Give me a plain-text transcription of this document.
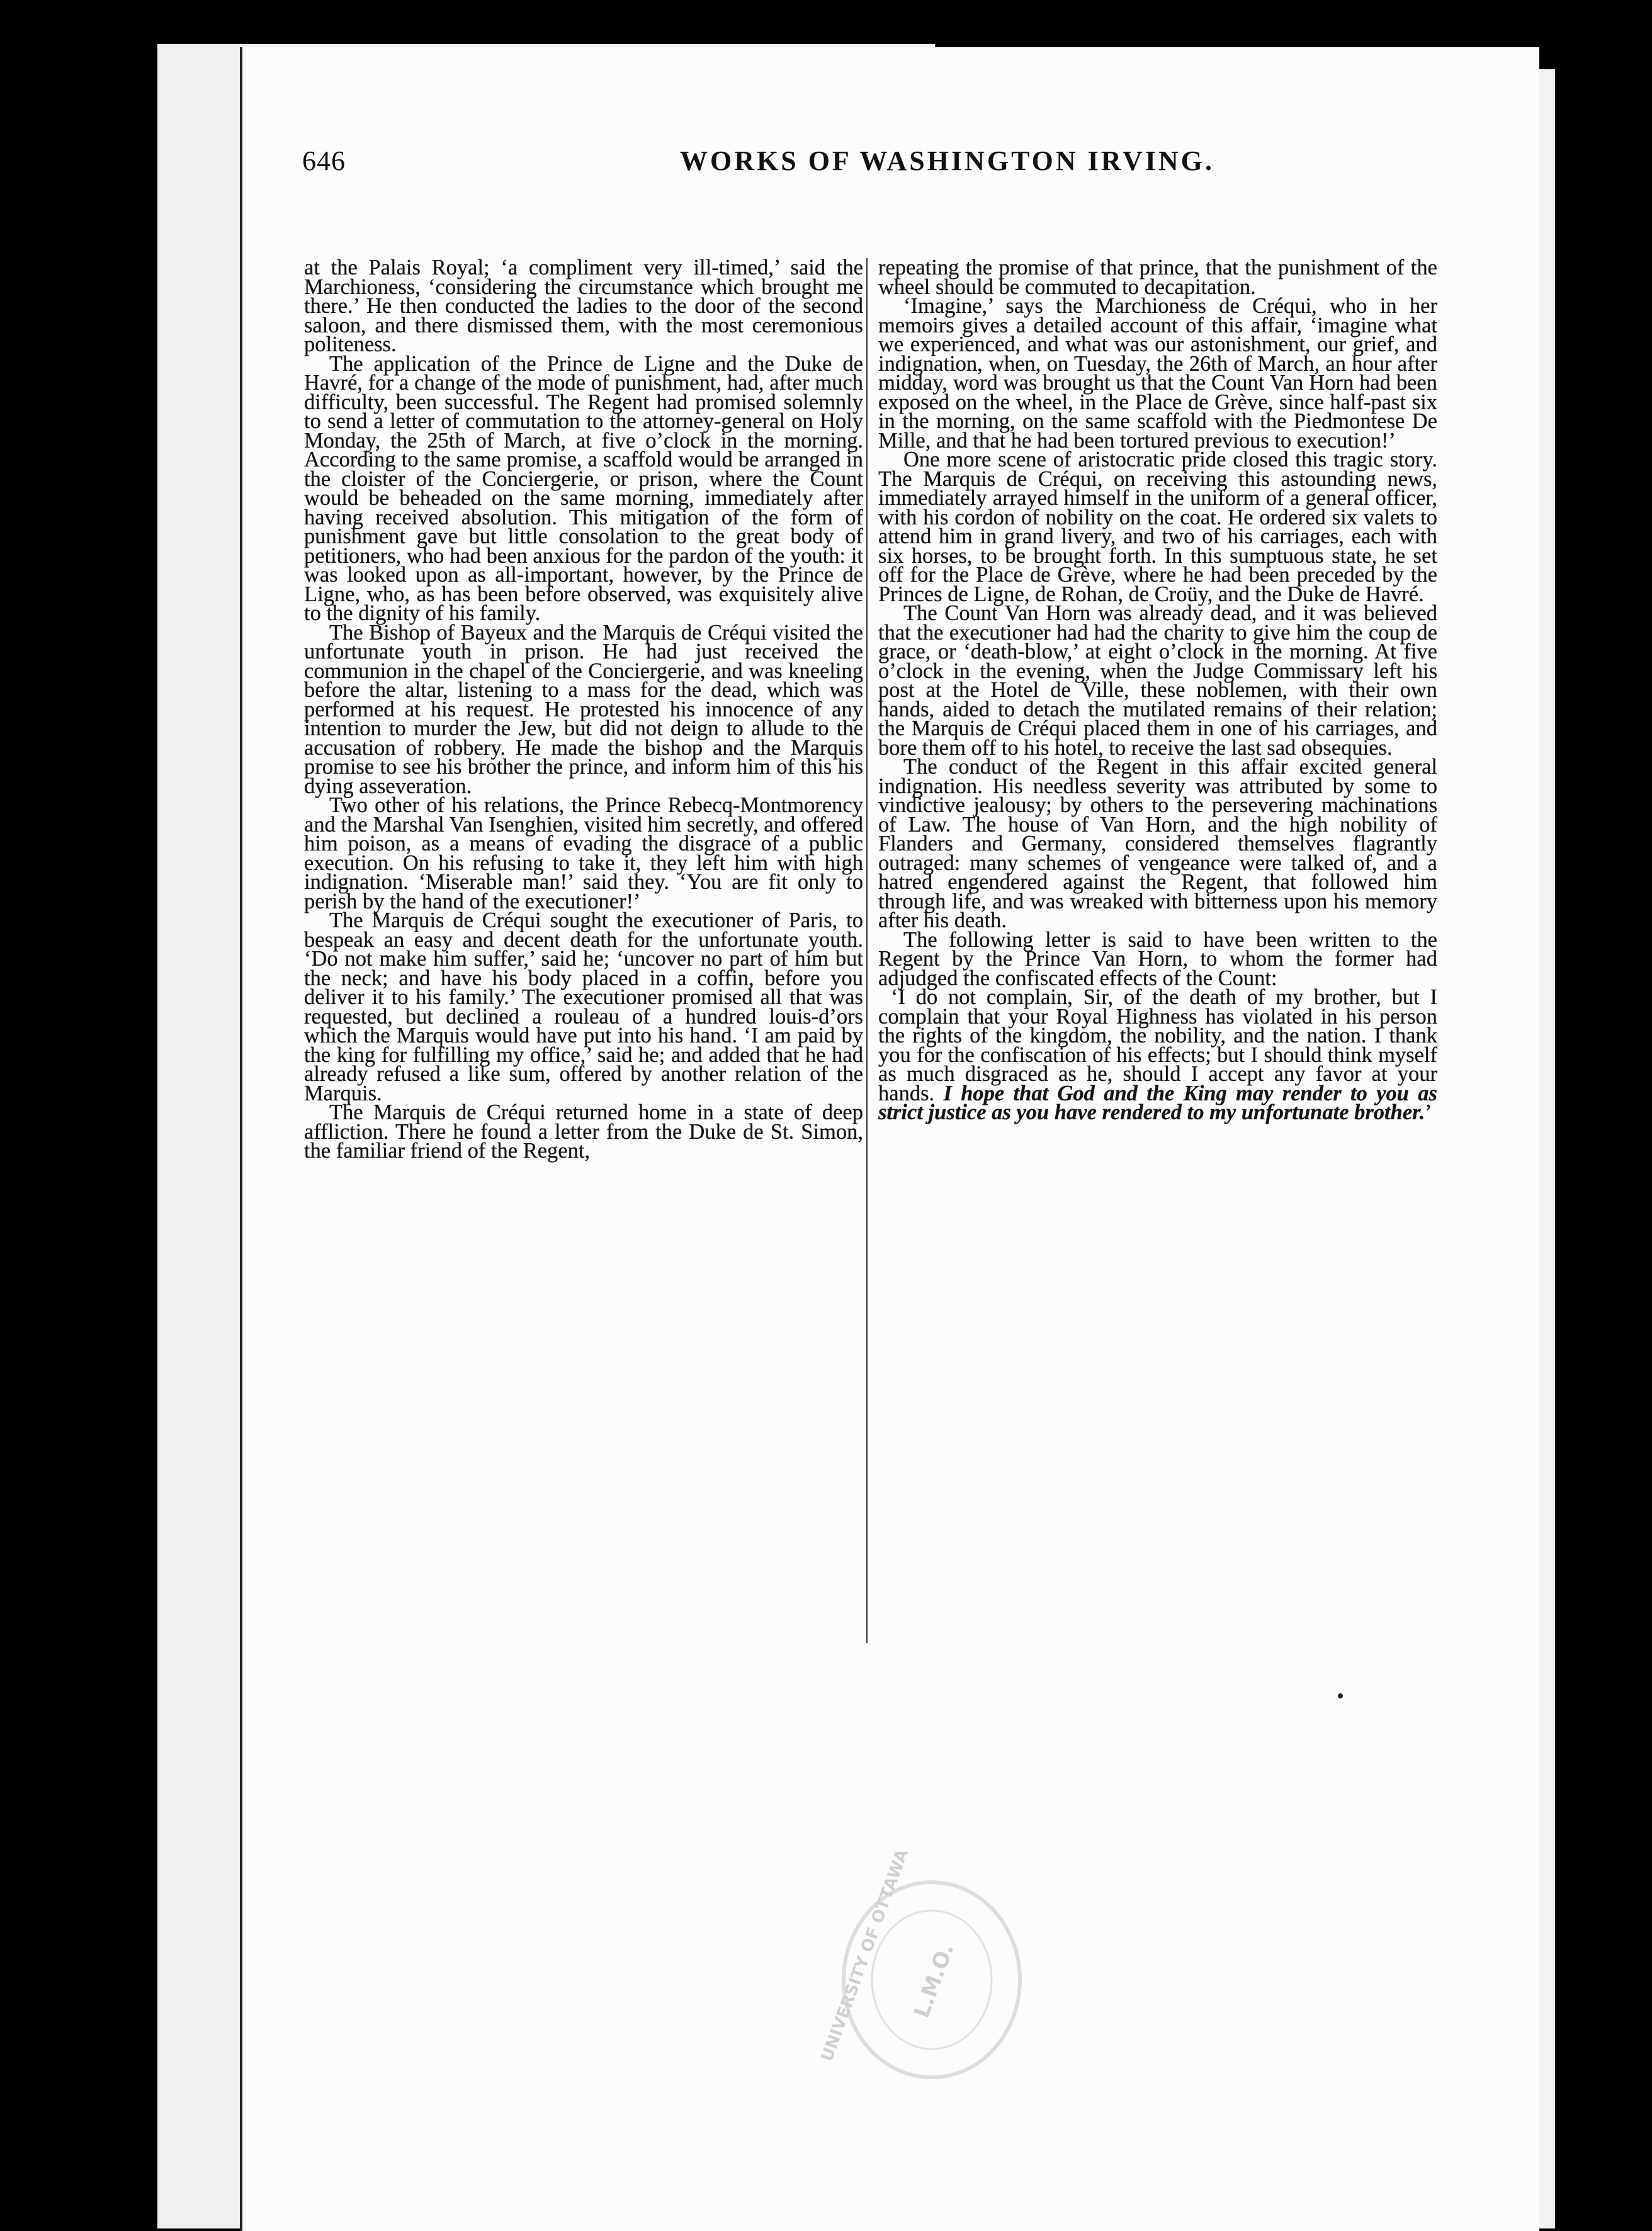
646	WORKS OF WASHINGTON IRVING.

at the Palais Royal; ‘a compliment very ill-timed,’ said the Marchioness, ‘considering the circumstance which brought me there.’ He then conducted the ladies to the door of the second saloon, and there dismissed them, with the most ceremonious politeness.

The application of the Prince de Ligne and the Duke de Havré, for a change of the mode of punishment, had, after much difficulty, been successful. The Regent had promised solemnly to send a letter of commutation to the attorney-general on Holy Monday, the 25th of March, at five o’clock in the morning. According to the same promise, a scaffold would be arranged in the cloister of the Conciergerie, or prison, where the Count would be beheaded on the same morning, immediately after having received absolution. This mitigation of the form of punishment gave but little consolation to the great body of petitioners, who had been anxious for the pardon of the youth: it was looked upon as all-important, however, by the Prince de Ligne, who, as has been before observed, was exquisitely alive to the dignity of his family.

The Bishop of Bayeux and the Marquis de Créqui visited the unfortunate youth in prison. He had just received the communion in the chapel of the Conciergerie, and was kneeling before the altar, listening to a mass for the dead, which was performed at his request. He protested his innocence of any intention to murder the Jew, but did not deign to allude to the accusation of robbery. He made the bishop and the Marquis promise to see his brother the prince, and inform him of this his dying asseveration.

Two other of his relations, the Prince Rebecq-Montmorency and the Marshal Van Isenghien, visited him secretly, and offered him poison, as a means of evading the disgrace of a public execution. On his refusing to take it, they left him with high indignation. ‘Miserable man!’ said they. ‘You are fit only to perish by the hand of the executioner!’

The Marquis de Créqui sought the executioner of Paris, to bespeak an easy and decent death for the unfortunate youth. ‘Do not make him suffer,’ said he; ‘uncover no part of him but the neck; and have his body placed in a coffin, before you deliver it to his family.’ The executioner promised all that was requested, but declined a rouleau of a hundred louis-d’ors which the Marquis would have put into his hand. ‘I am paid by the king for fulfilling my office,’ said he; and added that he had already refused a like sum, offered by another relation of the Marquis.

The Marquis de Créqui returned home in a state of deep affliction. There he found a letter from the Duke de St. Simon, the familiar friend of the Regent,

repeating the promise of that prince, that the punishment of the wheel should be commuted to decapitation.

‘Imagine,’ says the Marchioness de Créqui, who in her memoirs gives a detailed account of this affair, ‘imagine what we experienced, and what was our astonishment, our grief, and indignation, when, on Tuesday, the 26th of March, an hour after midday, word was brought us that the Count Van Horn had been exposed on the wheel, in the Place de Grève, since half-past six in the morning, on the same scaffold with the Piedmontese De Mille, and that he had been tortured previous to execution!’

One more scene of aristocratic pride closed this tragic story. The Marquis de Créqui, on receiving this astounding news, immediately arrayed himself in the uniform of a general officer, with his cordon of nobility on the coat. He ordered six valets to attend him in grand livery, and two of his carriages, each with six horses, to be brought forth. In this sumptuous state, he set off for the Place de Grève, where he had been preceded by the Princes de Ligne, de Rohan, de Croüy, and the Duke de Havré.

The Count Van Horn was already dead, and it was believed that the executioner had had the charity to give him the coup de grace, or ‘death-blow,’ at eight o’clock in the morning. At five o’clock in the evening, when the Judge Commissary left his post at the Hotel de Ville, these noblemen, with their own hands, aided to detach the mutilated remains of their relation; the Marquis de Créqui placed them in one of his carriages, and bore them off to his hotel, to receive the last sad obsequies.

The conduct of the Regent in this affair excited general indignation. His needless severity was attributed by some to vindictive jealousy; by others to the persevering machinations of Law. The house of Van Horn, and the high nobility of Flanders and Germany, considered themselves flagrantly outraged: many schemes of vengeance were talked of, and a hatred engendered against the Regent, that followed him through life, and was wreaked with bitterness upon his memory after his death.

The following letter is said to have been written to the Regent by the Prince Van Horn, to whom the former had adjudged the confiscated effects of the Count:

‘I do not complain, Sir, of the death of my brother, but I complain that your Royal Highness has violated in his person the rights of the kingdom, the nobility, and the nation. I thank you for the confiscation of his effects; but I should think myself as much disgraced as he, should I accept any favor at your hands. I hope that God and the King may render to you as strict justice as you have rendered to my unfortunate brother.’

UNIVERSITY OF OTTAWA
L.M.O.
